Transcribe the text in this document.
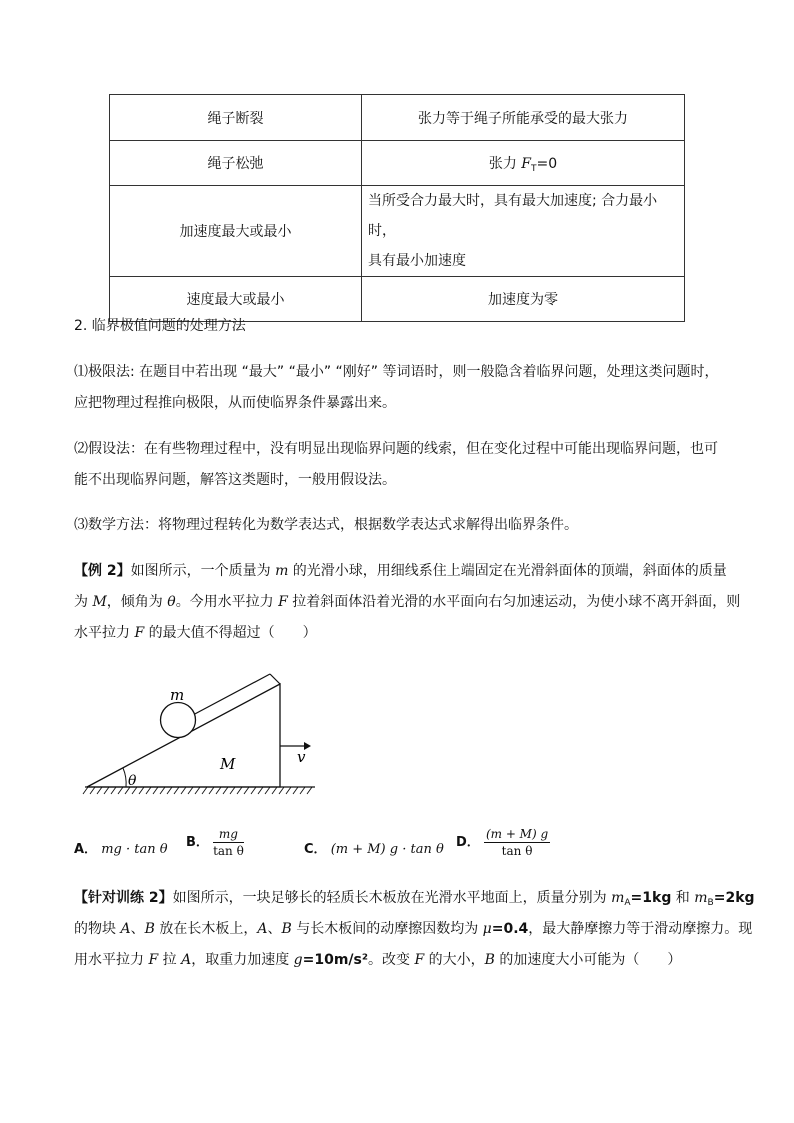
绳子断裂	张力等于绳子所能承受的最大张力
绳子松弛	张力 $F_T=0$
加速度最大或最小	当所受合力最大时，具有最大加速度; 合力最小时，
具有最小加速度
速度最大或最小	加速度为零
2. 临界极值问题的处理方法
⑴极限法: 在题目中若出现 “最大” “最小” “刚好” 等词语时，则一般隐含着临界问题，处理这类问题时，
应把物理过程推向极限，从而使临界条件暴露出来。
⑵假设法：在有些物理过程中，没有明显出现临界问题的线索，但在变化过程中可能出现临界问题，也可
能不出现临界问题，解答这类题时，一般用假设法。
⑶数学方法：将物理过程转化为数学表达式，根据数学表达式求解得出临界条件。
【例 2】如图所示，一个质量为 m 的光滑小球，用细线系住上端固定在光滑斜面体的顶端，斜面体的质量
为 M，倾角为 θ。今用水平拉力 F 拉着斜面体沿着光滑的水平面向右匀加速运动，为使小球不离开斜面，则
水平拉力 F 的最大值不得超过（　　）
m
M	v
θ
A． mg · tan θ B． $\frac{mg}{\text{tan θ}}$	C． (m + M) g · tan θ D． $\frac{(m + M) g}{\text{tan θ}}$
【针对训练 2】如图所示，一块足够长的轻质长木板放在光滑水平地面上，质量分别为 $m_A=1kg$ 和 $m_B=2kg$
的物块 A、B 放在长木板上，A、B 与长木板间的动摩擦因数均为 μ=0.4，最大静摩擦力等于滑动摩擦力。现
用水平拉力 F 拉 A，取重力加速度 g=10m/s²。改变 F 的大小，B 的加速度大小可能为（　　）
